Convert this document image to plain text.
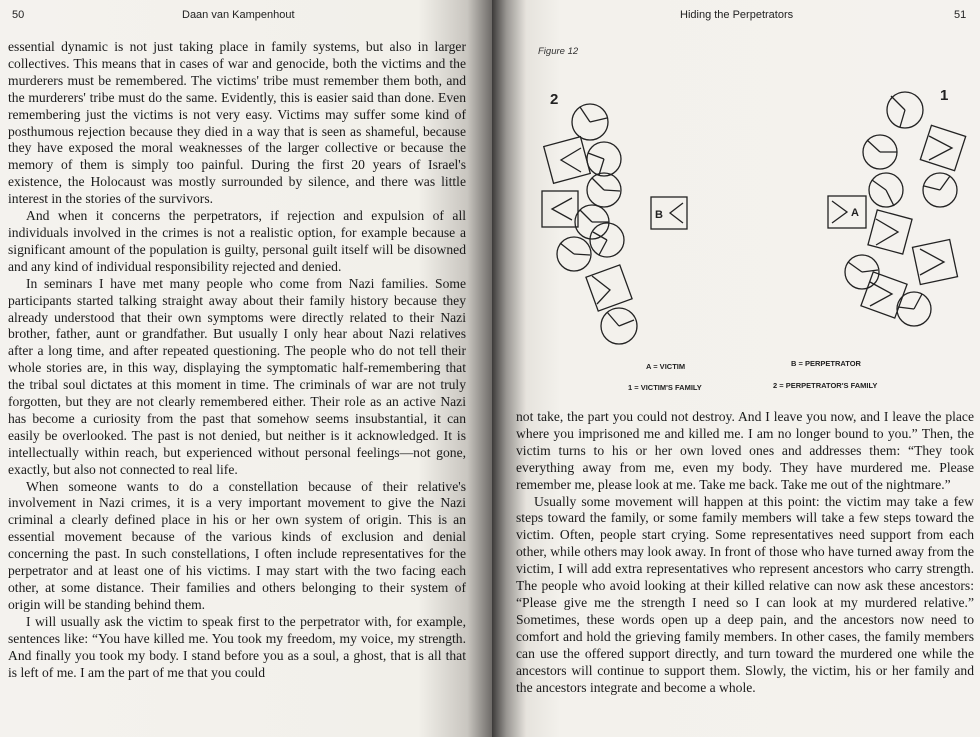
50	Daan van Kampenhout

essential dynamic is not just taking place in family systems, but also in larger collectives. This means that in cases of war and genocide, both the victims and the murderers must be remembered. The victims' tribe must remember them both, and the murderers' tribe must do the same. Evidently, this is easier said than done. Even remembering just the victims is not very easy. Victims may suffer some kind of posthumous rejection because they died in a way that is seen as shameful, because they have exposed the moral weaknesses of the larger collective or because the memory of them is simply too painful. During the first 20 years of Israel's existence, the Holocaust was mostly surrounded by silence, and there was little interest in the stories of the survivors.

And when it concerns the perpetrators, if rejection and expulsion of all individuals involved in the crimes is not a realistic option, for example because a significant amount of the population is guilty, personal guilt itself will be disowned and any kind of individual responsibility rejected and denied.

In seminars I have met many people who come from Nazi families. Some participants started talking straight away about their family history because they already understood that their own symptoms were directly related to their Nazi brother, father, aunt or grandfather. But usually I only hear about Nazi relatives after a long time, and after repeated questioning. The people who do not tell their whole stories are, in this way, displaying the symptomatic half-remembering that the tribal soul dictates at this moment in time. The criminals of war are not truly forgotten, but they are not clearly remembered either. Their role as an active Nazi has become a curiosity from the past that somehow seems insubstantial, it can easily be overlooked. The past is not denied, but neither is it acknowledged. It is intellectually within reach, but experienced without personal feelings—not gone, exactly, but also not connected to real life.

When someone wants to do a constellation because of their relative's involvement in Nazi crimes, it is a very important movement to give the Nazi criminal a clearly defined place in his or her own system of origin. This is an essential movement because of the various kinds of exclusion and denial concerning the past. In such constellations, I often include representatives for the perpetrator and at least one of his victims. I may start with the two facing each other, at some distance. Their families and others belonging to their system of origin will be standing behind them.

I will usually ask the victim to speak first to the perpetrator with, for example, sentences like: “You have killed me. You took my freedom, my voice, my strength. And finally you took my body. I stand before you as a soul, a ghost, that is all that is left of me. I am the part of me that you could

Hiding the Perpetrators	51
Figure 12
2	1
B	A
A = VICTIM	B = PERPETRATOR
1 = VICTIM'S FAMILY	2 = PERPETRATOR'S FAMILY

not take, the part you could not destroy. And I leave you now, and I leave the place where you imprisoned me and killed me. I am no longer bound to you.” Then, the victim turns to his or her own loved ones and addresses them: “They took everything away from me, even my body. They have murdered me. Please remember me, please look at me. Take me back. Take me out of the nightmare.”

Usually some movement will happen at this point: the victim may take a few steps toward the family, or some family members will take a few steps toward the victim. Often, people start crying. Some representatives need support from each other, while others may look away. In front of those who have turned away from the victim, I will add extra representatives who represent ancestors who carry strength. The people who avoid looking at their killed relative can now ask these ancestors: “Please give me the strength I need so I can look at my murdered relative.” Sometimes, these words open up a deep pain, and the ancestors now need to comfort and hold the grieving family members. In other cases, the family members can use the offered support directly, and turn toward the murdered one while the ancestors will continue to support them. Slowly, the victim, his or her family and the ancestors integrate and become a whole.
